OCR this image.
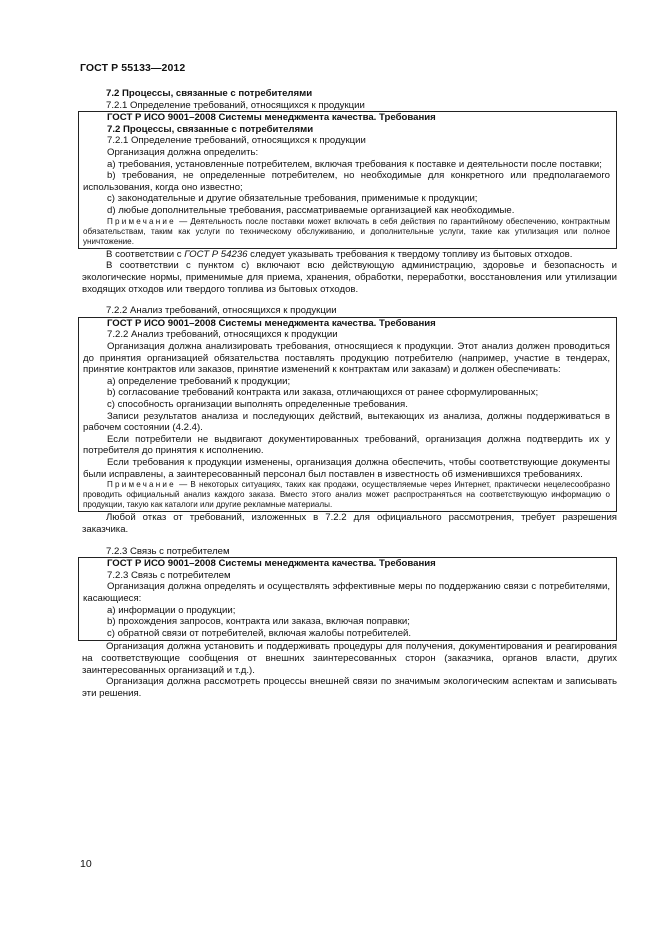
ГОСТ Р 55133—2012

7.2 Процессы, связанные с потребителями

7.2.1 Определение требований, относящихся к продукции

ГОСТ Р ИСО 9001–2008 Системы менеджмента качества. Требования

7.2 Процессы, связанные с потребителями

7.2.1 Определение требований, относящихся к продукции

Организация должна определить:

а) требования, установленные потребителем, включая требования к поставке и деятельности после поставки;

b) требования, не определенные потребителем, но необходимые для конкретного или предполагаемого использования, когда оно известно;

c) законодательные и другие обязательные требования, применимые к продукции;

d) любые дополнительные требования, рассматриваемые организацией как необходимые.

Примечание — Деятельность после поставки может включать в себя действия по гарантийному обеспечению, контрактным обязательствам, таким как услуги по техническому обслуживанию, и дополнительные услуги, такие как утилизация или полное уничтожение.

В соответствии с ГОСТ Р 54236 следует указывать требования к твердому топливу из бытовых отходов.

В соответствии с пунктом c) включают всю действующую администрацию, здоровье и безопасность и экологические нормы, применимые для приема, хранения, обработки, переработки, восстановления или утилизации входящих отходов или твердого топлива из бытовых отходов.

7.2.2 Анализ требований, относящихся к продукции

ГОСТ Р ИСО 9001–2008 Системы менеджмента качества. Требования

7.2.2 Анализ требований, относящихся к продукции

Организация должна анализировать требования, относящиеся к продукции. Этот анализ должен проводиться до принятия организацией обязательства поставлять продукцию потребителю (например, участие в тендерах, принятие контрактов или заказов, принятие изменений к контрактам или заказам) и должен обеспечивать:

а) определение требований к продукции;

b) согласование требований контракта или заказа, отличающихся от ранее сформулированных;

c) способность организации выполнять определенные требования.

Записи результатов анализа и последующих действий, вытекающих из анализа, должны поддерживаться в рабочем состоянии (4.2.4).

Если потребители не выдвигают документированных требований, организация должна подтвердить их у потребителя до принятия к исполнению.

Если требования к продукции изменены, организация должна обеспечить, чтобы соответствующие документы были исправлены, а заинтересованный персонал был поставлен в известность об изменившихся требованиях.

Примечание — В некоторых ситуациях, таких как продажи, осуществляемые через Интернет, практически нецелесообразно проводить официальный анализ каждого заказа. Вместо этого анализ может распространяться на соответствующую информацию о продукции, такую как каталоги или другие рекламные материалы.

Любой отказ от требований, изложенных в 7.2.2 для официального рассмотрения, требует разрешения заказчика.

7.2.3 Связь с потребителем

ГОСТ Р ИСО 9001–2008 Системы менеджмента качества. Требования

7.2.3 Связь с потребителем

Организация должна определять и осуществлять эффективные меры по поддержанию связи с потребителями, касающиеся:

а) информации о продукции;

b) прохождения запросов, контракта или заказа, включая поправки;

c) обратной связи от потребителей, включая жалобы потребителей.

Организация должна установить и поддерживать процедуры для получения, документирования и реагирования на соответствующие сообщения от внешних заинтересованных сторон (заказчика, органов власти, других заинтересованных организаций и т.д.).

Организация должна рассмотреть процессы внешней связи по значимым экологическим аспектам и записывать эти решения.

10
